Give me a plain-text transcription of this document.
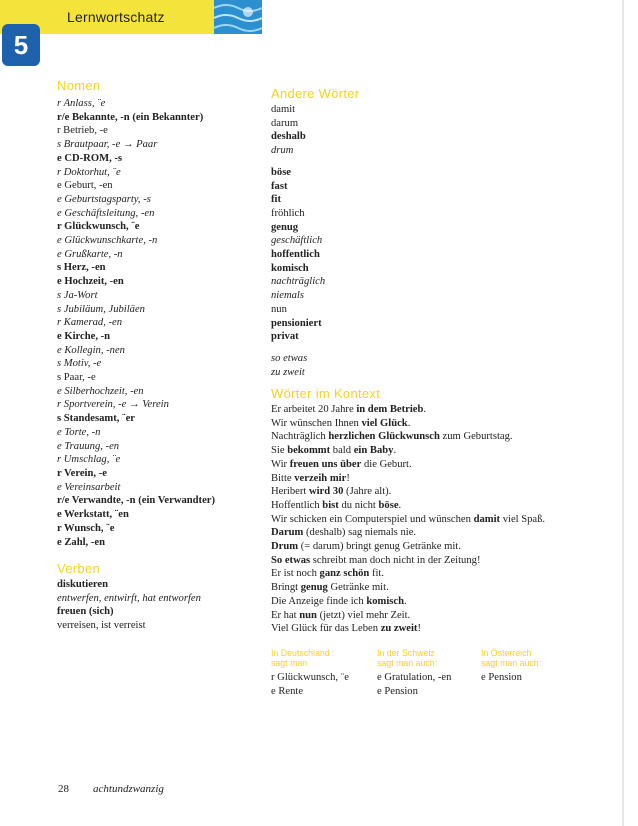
Lernwortschatz
5
Nomen
r Anlass, ¨e
r/e Bekannte, -n (ein Bekannter)
r Betrieb, -e
s Brautpaar, -e → Paar
e CD-ROM, -s
r Doktorhut, ¨e
e Geburt, -en
e Geburtstagsparty, -s
e Geschäftsleitung, -en
r Glückwunsch, ¨e
e Glückwunschkarte, -n
e Grußkarte, -n
s Herz, -en
e Hochzeit, -en
s Ja-Wort
s Jubiläum, Jubiläen
r Kamerad, -en
e Kirche, -n
e Kollegin, -nen
s Motiv, -e
s Paar, -e
e Silberhochzeit, -en
r Sportverein, -e → Verein
s Standesamt, ¨er
e Torte, -n
e Trauung, -en
r Umschlag, ¨e
r Verein, -e
e Vereinsarbeit
r/e Verwandte, -n (ein Verwandter)
e Werkstatt, ¨en
r Wunsch, ¨e
e Zahl, -en
Verben
diskutieren
entwerfen, entwirft, hat entworfen
freuen (sich)
verreisen, ist verreist
Andere Wörter
damit
darum
deshalb
drum
böse
fast
fit
fröhlich
genug
geschäftlich
hoffentlich
komisch
nachträglich
niemals
nun
pensioniert
privat
so etwas
zu zweit
Wörter im Kontext
Er arbeitet 20 Jahre in dem Betrieb.
Wir wünschen Ihnen viel Glück.
Nachträglich herzlichen Glückwunsch zum Geburtstag.
Sie bekommt bald ein Baby.
Wir freuen uns über die Geburt.
Bitte verzeih mir!
Heribert wird 30 (Jahre alt).
Hoffentlich bist du nicht böse.
Wir schicken ein Computerspiel und wünschen damit viel Spaß.
Darum (deshalb) sag niemals nie.
Drum (= darum) bringt genug Getränke mit.
So etwas schreibt man doch nicht in der Zeitung!
Er ist noch ganz schön fit.
Bringt genug Getränke mit.
Die Anzeige finde ich komisch.
Er hat nun (jetzt) viel mehr Zeit.
Viel Glück für das Leben zu zweit!
In Deutschland :
sagt man
In der Schweiz
sagt man auch:
In Österreich
sagt man auch:
r Glückwunsch, ¨e
e Rente
e Gratulation, -en
e Pension
e Pension
28 achtundzwanzig
